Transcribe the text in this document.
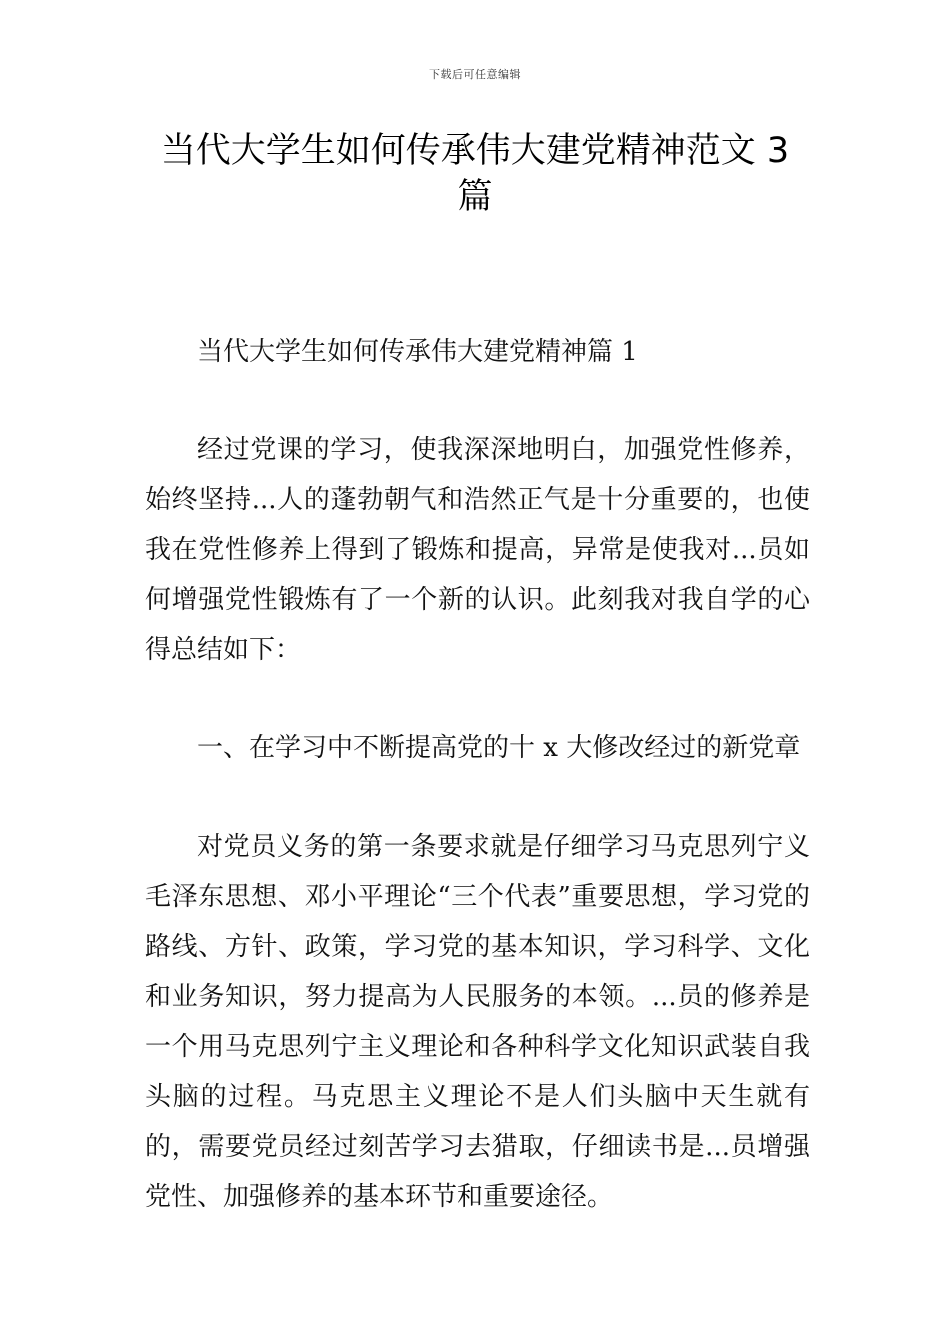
下载后可任意编辑
当代大学生如何传承伟大建党精神范文 3 篇

当代大学生如何传承伟大建党精神篇 1

经过党课的学习，使我深深地明白，加强党性修养，始终坚持...人的蓬勃朝气和浩然正气是十分重要的，也使我在党性修养上得到了锻炼和提高，异常是使我对...员如何增强党性锻炼有了一个新的认识。此刻我对我自学的心得总结如下：

一、在学习中不断提高党的十 x 大修改经过的新党章

对党员义务的第一条要求就是仔细学习马克思列宁义毛泽东思想、邓小平理论“三个代表”重要思想，学习党的路线、方针、政策，学习党的基本知识，学习科学、文化和业务知识，努力提高为人民服务的本领。...员的修养是一个用马克思列宁主义理论和各种科学文化知识武装自我头脑的过程。马克思主义理论不是人们头脑中天生就有的，需要党员经过刻苦学习去猎取，仔细读书是...员增强党性、加强修养的基本环节和重要途径。
